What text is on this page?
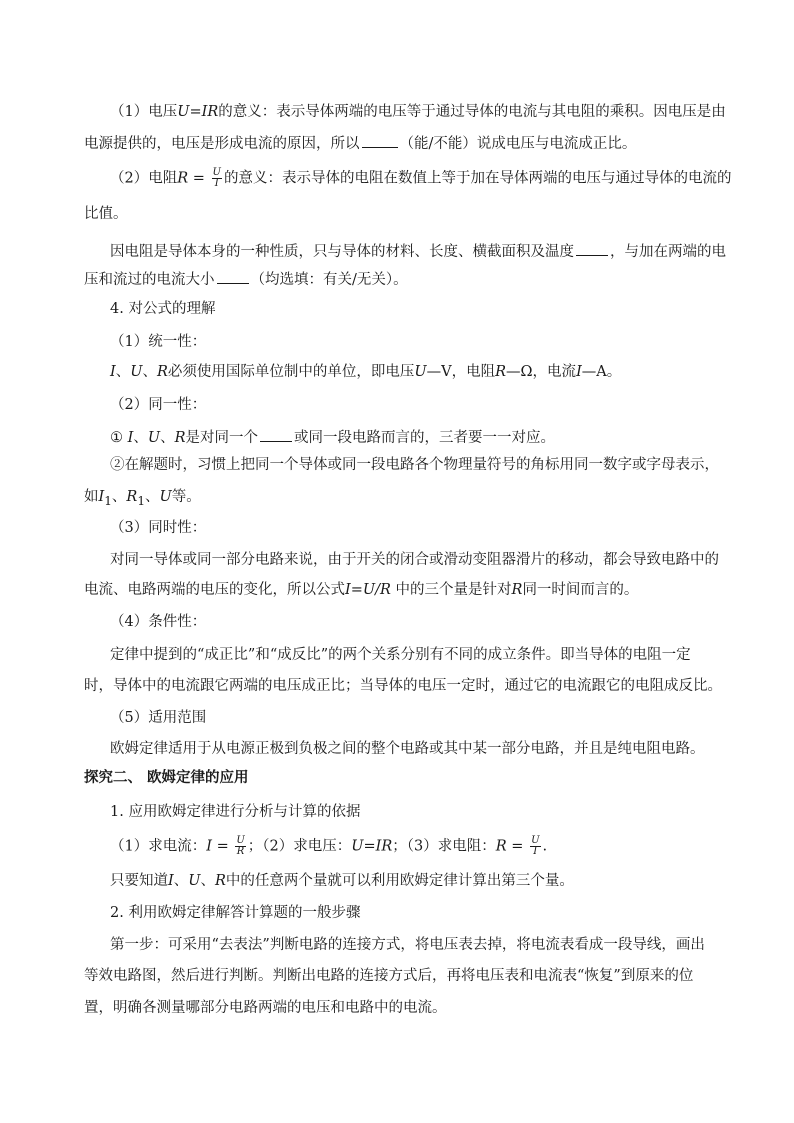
（1）电压U=IR的意义：表示导体两端的电压等于通过导体的电流与其电阻的乘积。因电压是由
电源提供的，电压是形成电流的原因，所以	（能/不能）说成电压与电流成正比。
（2）电阻$R = \frac{U}{I}$ 的意义：表示导体的电阻在数值上等于加在导体两端的电压与通过导体的电流的
比值。
因电阻是导体本身的一种性质，只与导体的材料、长度、横截面积及温度 ，与加在两端的电
压和流过的电流大小 （均选填：有关/无关）。
4. 对公式的理解
（1）统一性：
I、U、R必须使用国际单位制中的单位，即电压U—V，电阻R—Ω，电流I—A。
（2）同一性：
① I、U、R是对同一个 或同一段电路而言的，三者要一一对应。
②在解题时，习惯上把同一个导体或同一段电路各个物理量符号的角标用同一数字或字母表示，
如$I_1$、$R_1$、U等。
（3）同时性：
对同一导体或同一部分电路来说，由于开关的闭合或滑动变阻器滑片的移动，都会导致电路中的
电流、电路两端的电压的变化，所以公式I=U/R 中的三个量是针对R同一时间而言的。
（4）条件性：
定律中提到的“成正比”和“成反比”的两个关系分别有不同的成立条件。即当导体的电阻一定
时，导体中的电流跟它两端的电压成正比；当导体的电压一定时，通过它的电流跟它的电阻成反比。
（5）适用范围
欧姆定律适用于从电源正极到负极之间的整个电路或其中某一部分电路，并且是纯电阻电路。
探究二、 欧姆定律的应用
1. 应用欧姆定律进行分析与计算的依据
（1）求电流：$I = \frac{U}{R}$ ；（2）求电压：U=IR；（3）求电阻：$R = \frac{U}{I}$ .
只要知道I、U、R中的任意两个量就可以利用欧姆定律计算出第三个量。
2. 利用欧姆定律解答计算题的一般步骤
第一步：可采用“去表法”判断电路的连接方式，将电压表去掉，将电流表看成一段导线，画出
等效电路图，然后进行判断。判断出电路的连接方式后，再将电压表和电流表“恢复”到原来的位
置，明确各测量哪部分电路两端的电压和电路中的电流。
